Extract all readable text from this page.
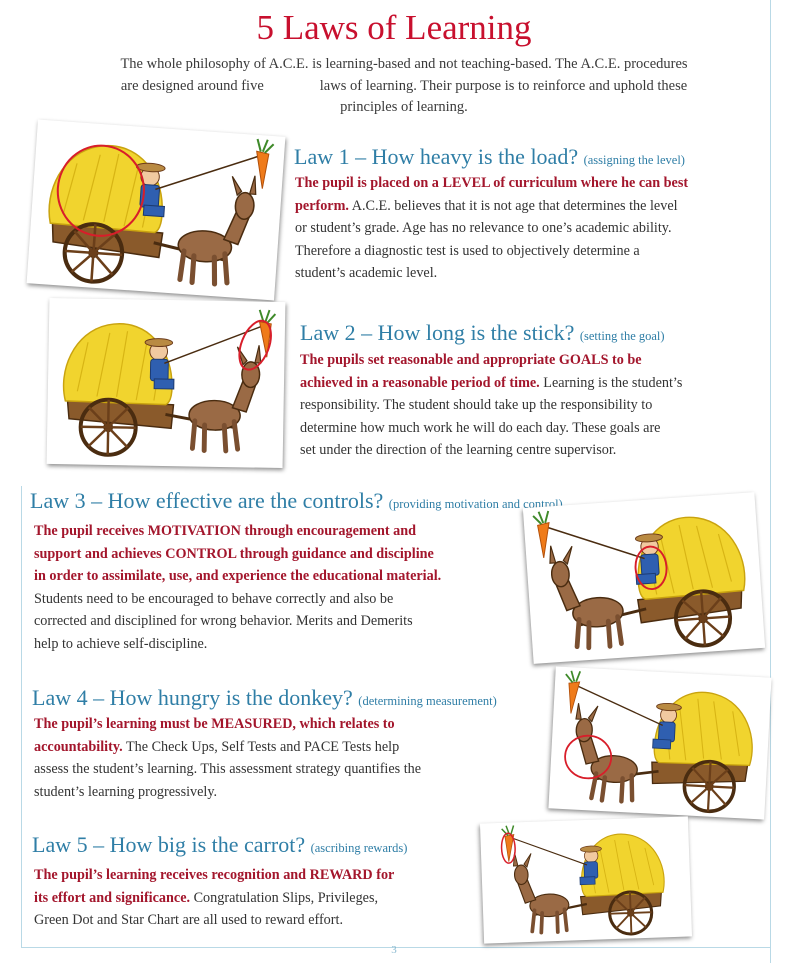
5 Laws of Learning
The whole philosophy of A.C.E. is learning-based and not teaching-based. The A.C.E. procedures
are designed around five	laws of learning. Their purpose is to reinforce and uphold these
principles of learning.
Law 1 – How heavy is the load? (assigning the level)
The pupil is placed on a LEVEL of curriculum where he can best
perform. A.C.E. believes that it is not age that determines the level
or student’s grade. Age has no relevance to one’s academic ability.
Therefore a diagnostic test is used to objectively determine a
student’s academic level.
Law 2 – How long is the stick? (setting the goal)
The pupils set reasonable and appropriate GOALS to be
achieved in a reasonable period of time. Learning is the student’s
responsibility. The student should take up the responsibility to
determine how much work he will do each day. These goals are
set under the direction of the learning centre supervisor.
Law 3 – How effective are the controls? (providing motivation and control)
The pupil receives MOTIVATION through encouragement and
support and achieves CONTROL through guidance and discipline
in order to assimilate, use, and experience the educational material.
Students need to be encouraged to behave correctly and also be
corrected and disciplined for wrong behavior. Merits and Demerits
help to achieve self-discipline.
Law 4 – How hungry is the donkey? (determining measurement)
The pupil’s learning must be MEASURED, which relates to
accountability. The Check Ups, Self Tests and PACE Tests help
assess the student’s learning. This assessment strategy quantifies the
student’s learning progressively.
Law 5 – How big is the carrot? (ascribing rewards)
The pupil’s learning receives recognition and REWARD for
its effort and significance. Congratulation Slips, Privileges,
Green Dot and Star Chart are all used to reward effort.
3
